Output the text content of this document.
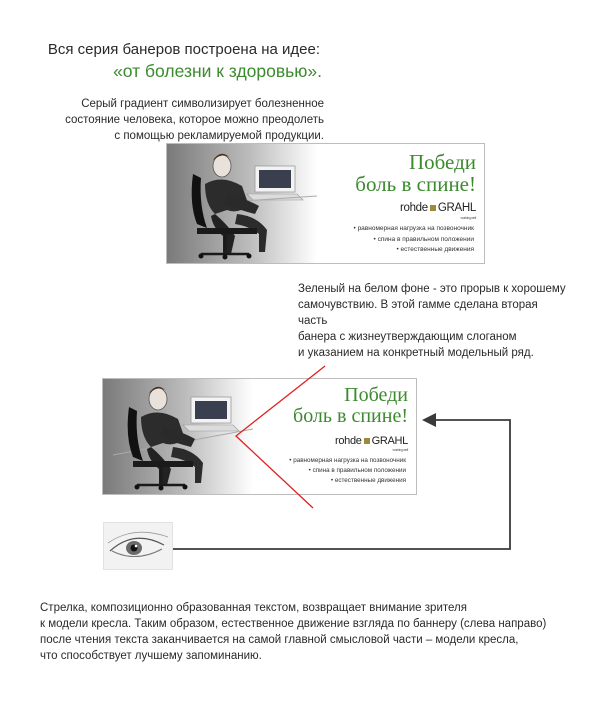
Вся серия банеров построена на идее:
«от болезни к здоровью».
Серый градиент символизирует болезненное
состояние человека, которое можно преодолеть
с помощью рекламируемой продукции.
Победи
боль в спине!
rohde GRAHL
working well
• равномерная нагрузка на позвоночник
• спина в правильном положении
• естественные движения
Зеленый на белом фоне - это прорыв к хорошему
самочувствию. В этой гамме сделана вторая часть
банера с жизнеутверждающим слоганом
и указанием на конкретный модельный ряд.
Победи
боль в спине!
rohde GRAHL
working well
• равномерная нагрузка на позвоночник
• спина в правильном положении
• естественные движения
Стрелка, композиционно образованная текстом, возвращает внимание зрителя
к модели кресла. Таким образом, естественное движение взгляда по баннеру (слева направо)
после чтения текста заканчивается на самой главной смысловой части – модели кресла,
что способствует лучшему запоминанию.
